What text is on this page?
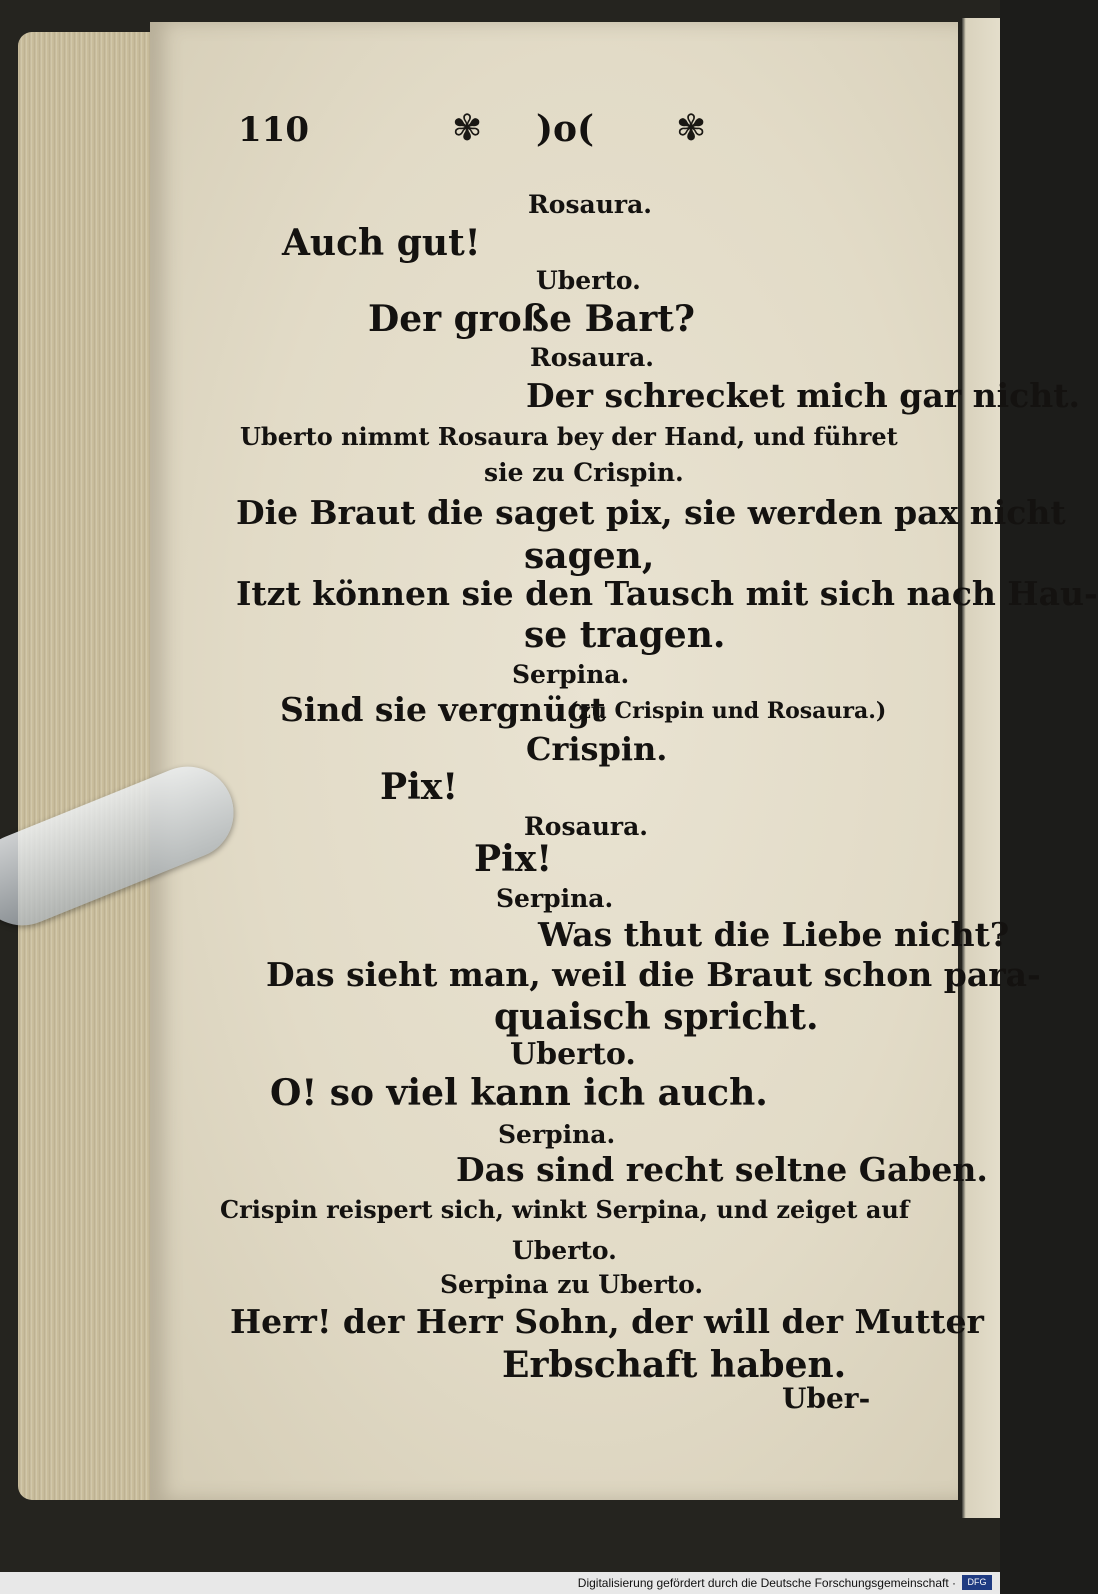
110	✾ )o( ✾
Rosaura.
Auch gut!
Uberto.
Der große Bart?
Rosaura.
Der schrecket mich gar nicht.
Uberto nimmt Rosaura bey der Hand, und führet
sie zu Crispin.
Die Braut die saget pix, sie werden pax nicht
sagen,
Itzt können sie den Tausch mit sich nach Hau-
se tragen.
Serpina.
Sind sie vergnügt
(zu Crispin und Rosaura.)
Crispin.
Pix!
Rosaura.
Pix!
Serpina.
Was thut die Liebe nicht?
Das sieht man, weil die Braut schon para-
quaisch spricht.
Uberto.
O! so viel kann ich auch.
Serpina.
Das sind recht seltne Gaben.
Crispin reispert sich, winkt Serpina, und zeiget auf
Uberto.
Serpina zu Uberto.
Herr! der Herr Sohn, der will der Mutter
Erbschaft haben.
Uber-
Digitalisierung gefördert durch die Deutsche Forschungsgemeinschaft ·	DFG
